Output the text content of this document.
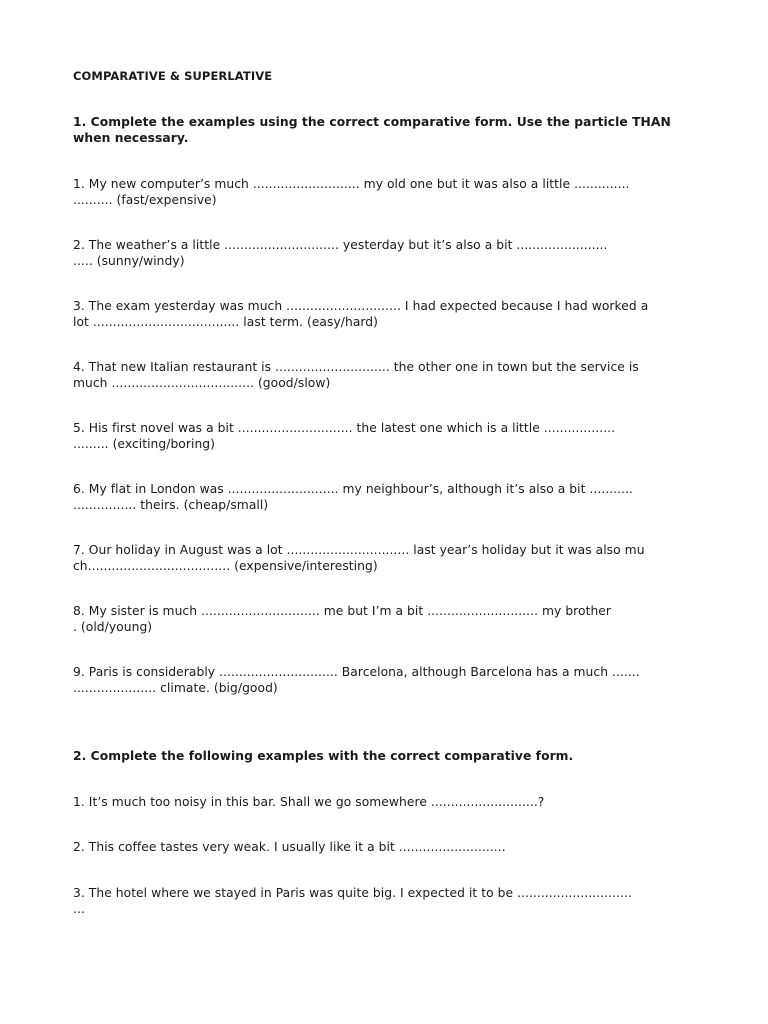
COMPARATIVE & SUPERLATIVE
1. Complete the examples using the correct comparative form. Use the particle THAN when necessary.
1. My new computer’s much ........................... my old one but it was also a little ..............
.......... (fast/expensive)
2. The weather’s a little ............................. yesterday but it’s also a bit .......................
..... (sunny/windy)
3. The exam yesterday was much ............................. I had expected because I had worked a
lot ..................................... last term. (easy/hard)
4. That new Italian restaurant is ............................. the other one in town but the service is
much .................................... (good/slow)
5. His first novel was a bit ............................. the latest one which is a little ..................
......... (exciting/boring)
6. My flat in London was ............................ my neighbour’s, although it’s also a bit ...........
................ theirs. (cheap/small)
7. Our holiday in August was a lot ............................... last year’s holiday but it was also mu
ch.................................... (expensive/interesting)
8. My sister is much .............................. me but I’m a bit ............................ my brother
. (old/young)
9. Paris is considerably .............................. Barcelona, although Barcelona has a much .......
..................... climate. (big/good)
2. Complete the following examples with the correct comparative form.
1. It’s much too noisy in this bar. Shall we go somewhere ...........................?
2. This coffee tastes very weak. I usually like it a bit ...........................
3. The hotel where we stayed in Paris was quite big. I expected it to be .............................
...
